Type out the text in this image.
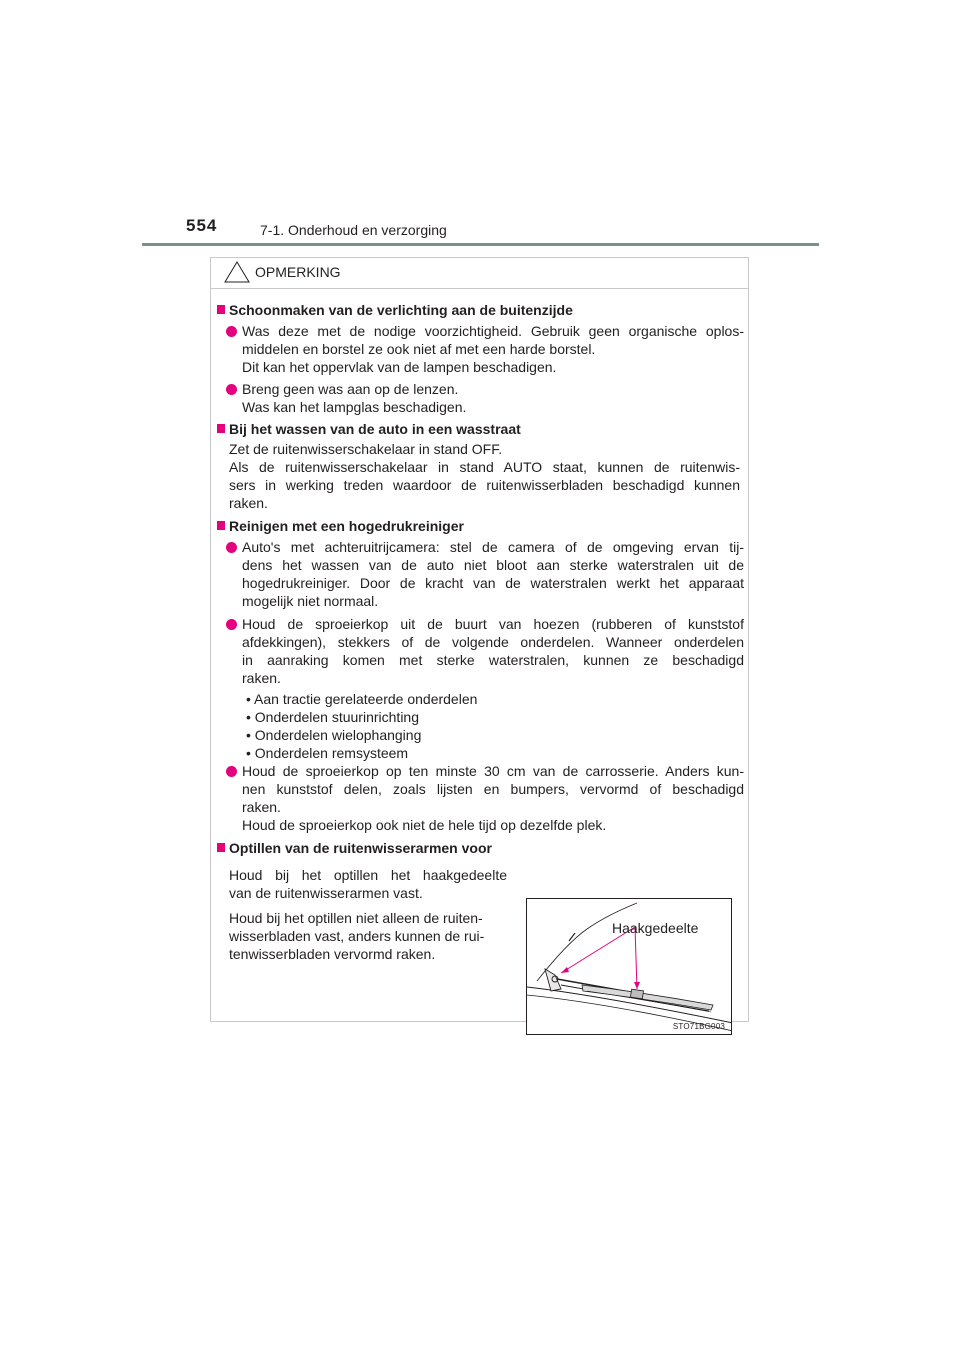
554	7-1. Onderhoud en verzorging
OPMERKING
Schoonmaken van de verlichting aan de buitenzijde
Was deze met de nodige voorzichtigheid. Gebruik geen organische oplos-
middelen en borstel ze ook niet af met een harde borstel.
Dit kan het oppervlak van de lampen beschadigen.
Breng geen was aan op de lenzen.
Was kan het lampglas beschadigen.
Bij het wassen van de auto in een wasstraat
Zet de ruitenwisserschakelaar in stand OFF.
Als de ruitenwisserschakelaar in stand AUTO staat, kunnen de ruitenwis-
sers in werking treden waardoor de ruitenwisserbladen beschadigd kunnen
raken.
Reinigen met een hogedrukreiniger
Auto's met achteruitrijcamera: stel de camera of de omgeving ervan tij-
dens het wassen van de auto niet bloot aan sterke waterstralen uit de
hogedrukreiniger. Door de kracht van de waterstralen werkt het apparaat
mogelijk niet normaal.
Houd de sproeierkop uit de buurt van hoezen (rubberen of kunststof
afdekkingen), stekkers of de volgende onderdelen. Wanneer onderdelen
in aanraking komen met sterke waterstralen, kunnen ze beschadigd
raken.
• Aan tractie gerelateerde onderdelen
• Onderdelen stuurinrichting
• Onderdelen wielophanging
• Onderdelen remsysteem
Houd de sproeierkop op ten minste 30 cm van de carrosserie. Anders kun-
nen kunststof delen, zoals lijsten en bumpers, vervormd of beschadigd
raken.
Houd de sproeierkop ook niet de hele tijd op dezelfde plek.
Optillen van de ruitenwisserarmen voor
Houd bij het optillen het haakgedeelte
van de ruitenwisserarmen vast.
Houd bij het optillen niet alleen de ruiten-
wisserbladen vast, anders kunnen de rui-
tenwisserbladen vervormd raken.
Haakgedeelte
STO71BG003
